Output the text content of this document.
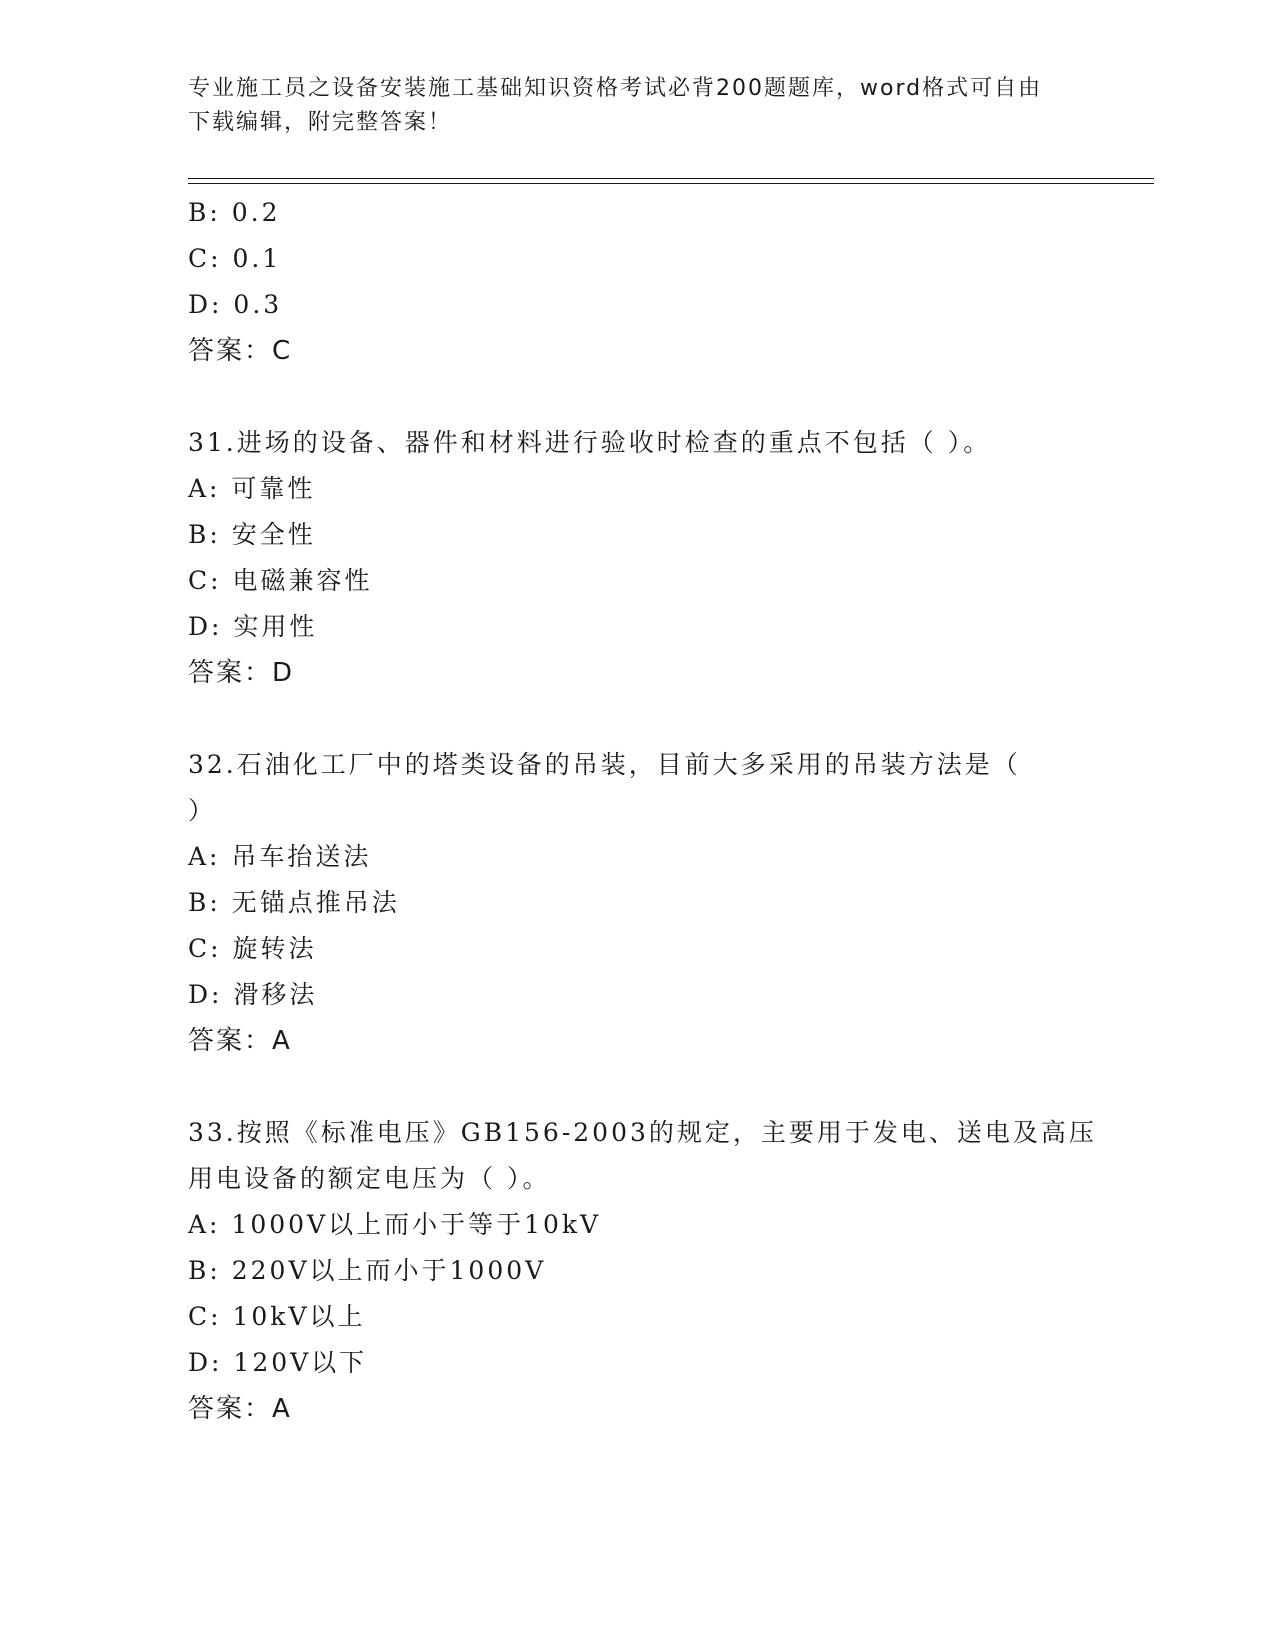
专业施工员之设备安装施工基础知识资格考试必背200题题库，word格式可自由
下载编辑，附完整答案！
B: 0.2
C: 0.1
D: 0.3
答案：C
31.进场的设备、器件和材料进行验收时检查的重点不包括（ ）。
A: 可靠性
B: 安全性
C: 电磁兼容性
D: 实用性
答案：D
32.石油化工厂中的塔类设备的吊装，目前大多采用的吊装方法是（
）
A: 吊车抬送法
B: 无锚点推吊法
C: 旋转法
D: 滑移法
答案：A
33.按照《标准电压》GB156-2003的规定，主要用于发电、送电及高压
用电设备的额定电压为（ ）。
A: 1000V以上而小于等于10kV
B: 220V以上而小于1000V
C: 10kV以上
D: 120V以下
答案：A
